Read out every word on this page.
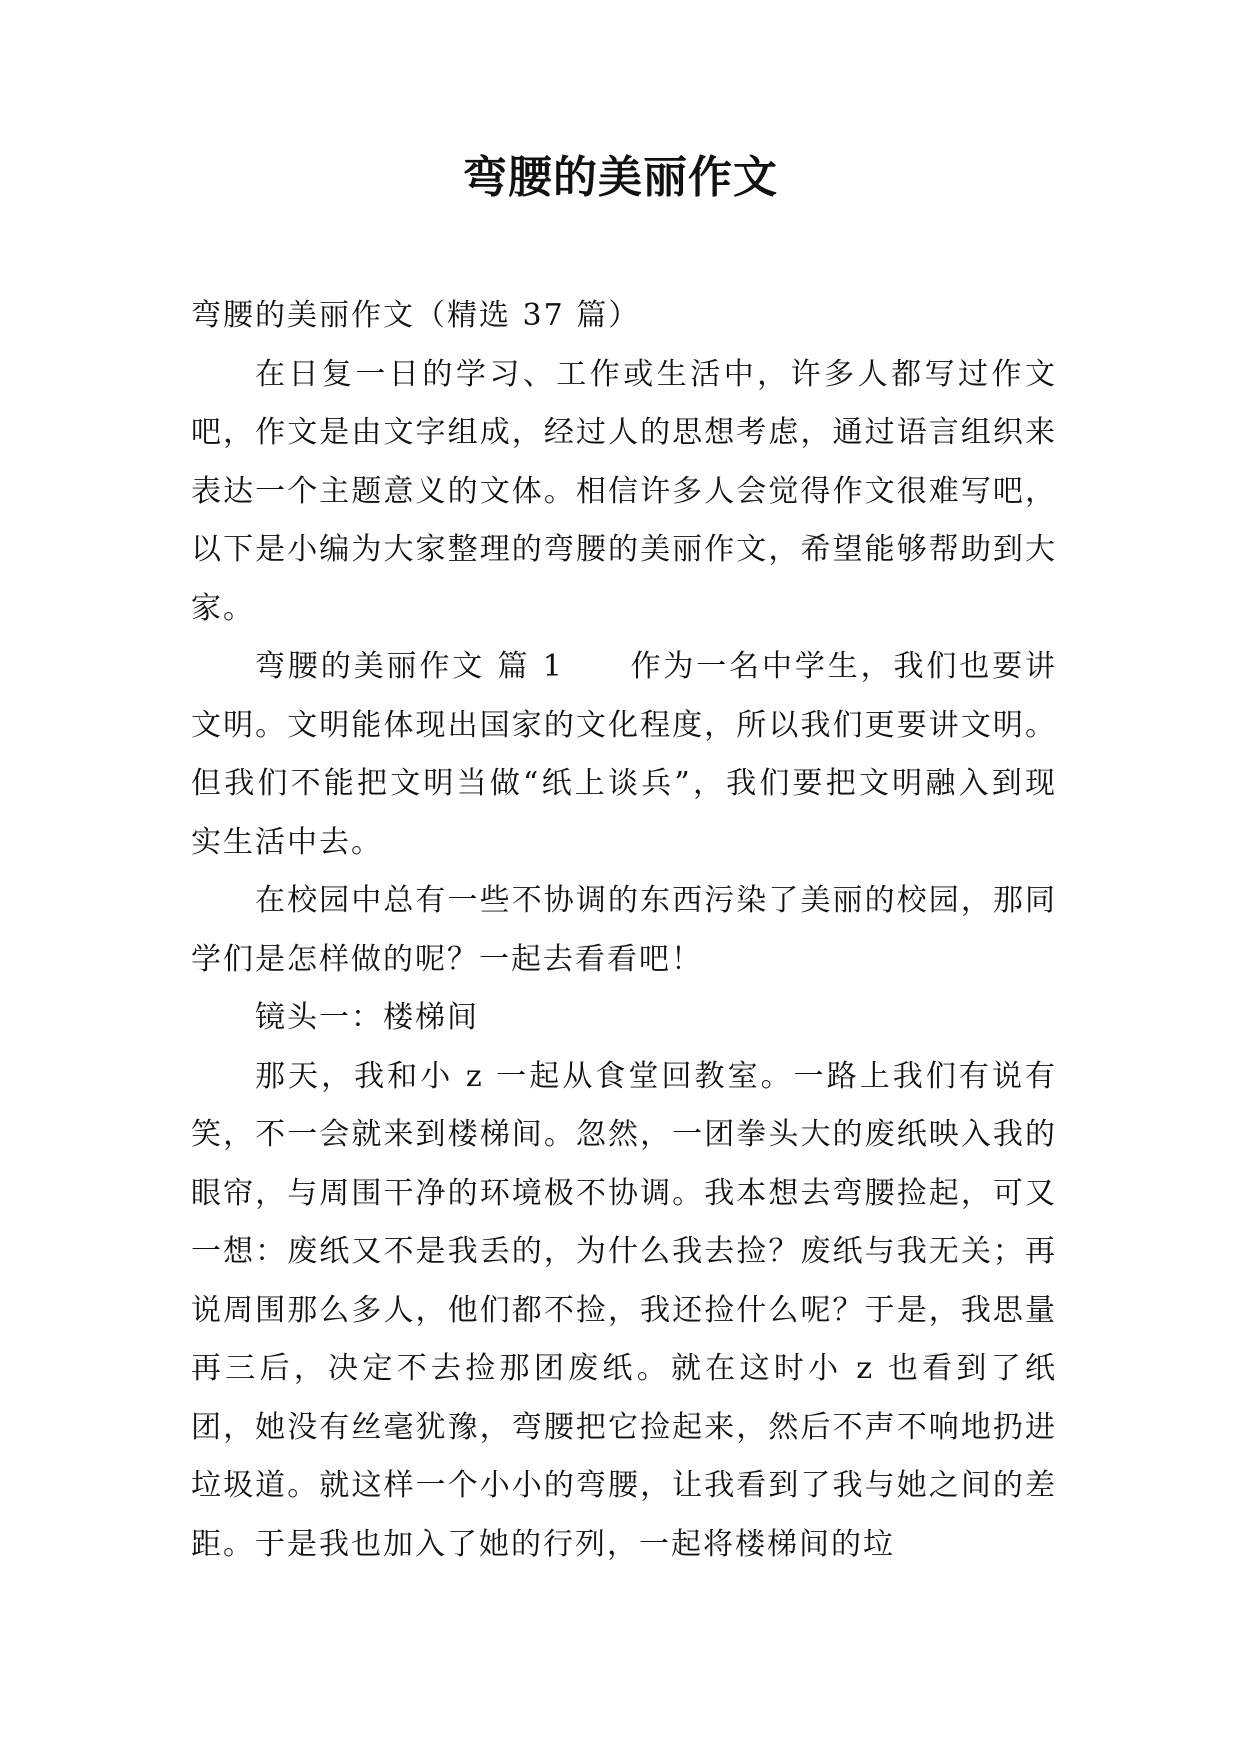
弯腰的美丽作文

弯腰的美丽作文（精选 37 篇）

在日复一日的学习、工作或生活中，许多人都写过作文吧，作文是由文字组成，经过人的思想考虑，通过语言组织来表达一个主题意义的文体。相信许多人会觉得作文很难写吧，以下是小编为大家整理的弯腰的美丽作文，希望能够帮助到大家。

弯腰的美丽作文 篇 1　　作为一名中学生，我们也要讲文明。文明能体现出国家的文化程度，所以我们更要讲文明。但我们不能把文明当做“纸上谈兵”，我们要把文明融入到现实生活中去。

在校园中总有一些不协调的东西污染了美丽的校园，那同学们是怎样做的呢？一起去看看吧！

镜头一：楼梯间

那天，我和小 z 一起从食堂回教室。一路上我们有说有笑，不一会就来到楼梯间。忽然，一团拳头大的废纸映入我的眼帘，与周围干净的环境极不协调。我本想去弯腰捡起，可又一想：废纸又不是我丢的，为什么我去捡？废纸与我无关；再说周围那么多人，他们都不捡，我还捡什么呢？于是，我思量再三后，决定不去捡那团废纸。就在这时小 z 也看到了纸团，她没有丝毫犹豫，弯腰把它捡起来，然后不声不响地扔进垃圾道。就这样一个小小的弯腰，让我看到了我与她之间的差距。于是我也加入了她的行列，一起将楼梯间的垃
